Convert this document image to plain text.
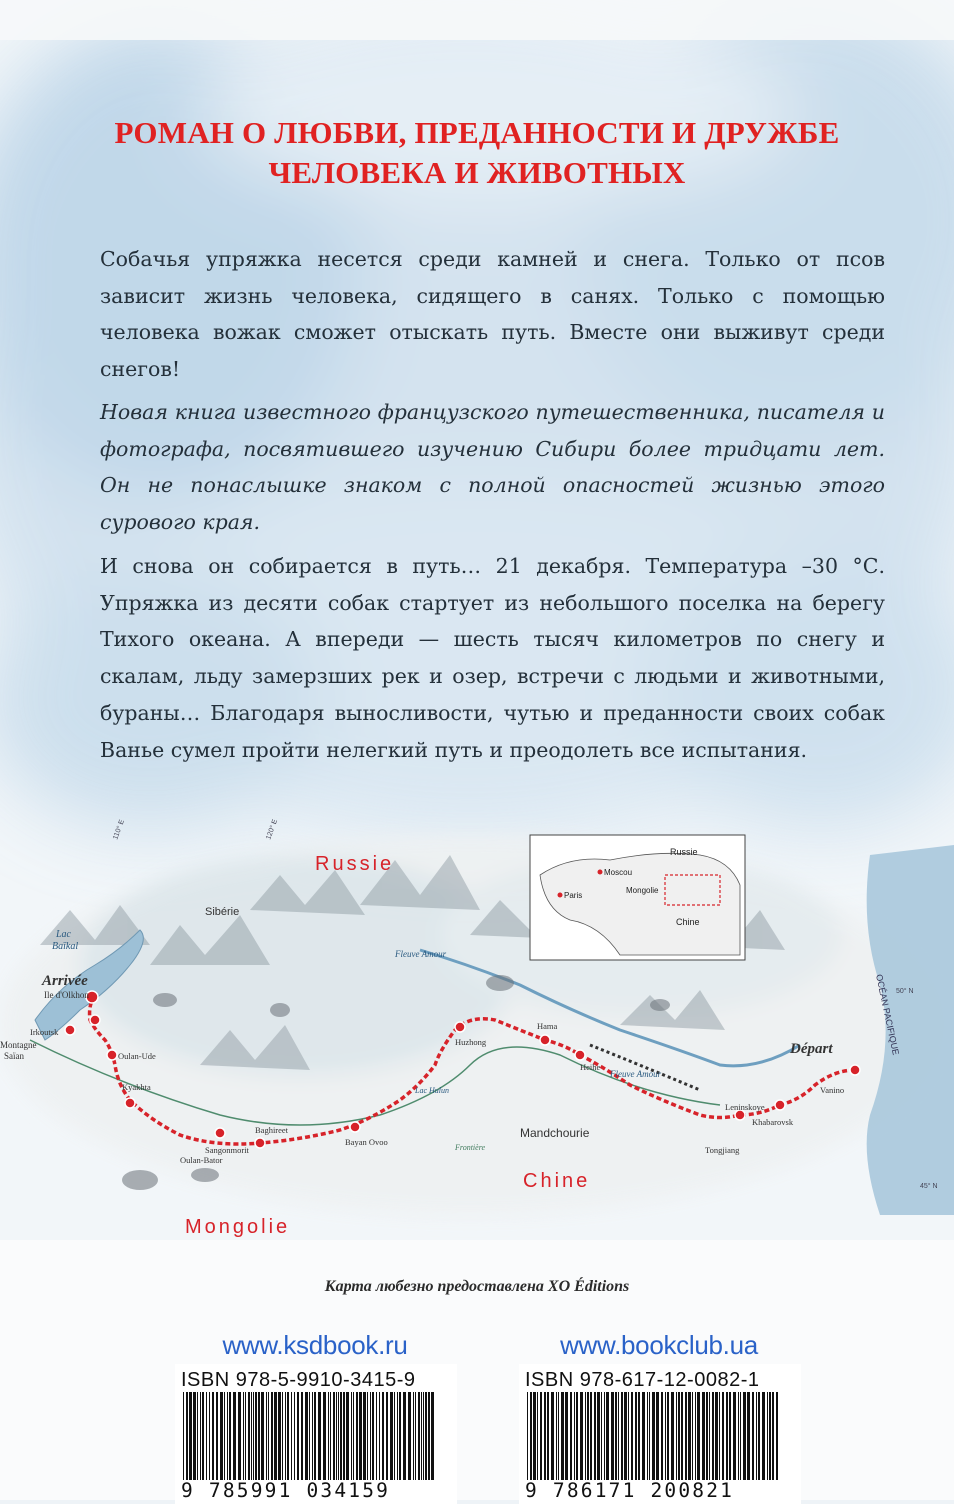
РОМАН О ЛЮБВИ, ПРЕДАННОСТИ И ДРУЖБЕ
ЧЕЛОВЕКА И ЖИВОТНЫХ

Собачья упряжка несется среди камней и снега. Только от псов зависит жизнь человека, сидящего в санях. Только с помощью человека вожак сможет отыскать путь. Вместе они выживут среди снегов!

Новая книга известного французского путешественника, писателя и фотографа, посвятившего изучению Сибири более тридцати лет. Он не понаслышке знаком с полной опасностей жизнью этого сурового края.

И снова он собирается в путь… 21 декабря. Температура –30 °С. Упряжка из десяти собак стартует из небольшого поселка на берегу Тихого океана. А впереди — шесть тысяч километров по снегу и скалам, льду замерзших рек и озер, встречи с людьми и животными, бураны… Благодаря выносливости, чутью и преданности своих собак Ванье сумел пройти нелегкий путь и преодолеть все испытания.

Russie
Moscou
Paris
Mongolie
Chine
Russie
Sibérie
Chine
Mongolie
Mandchourie
Lac
Baïkal
OCÉAN PACIFIQUE
Fleuve Amour
Fleuve Amour
Lac Hulun
Frontière
Montagne
Saïan
50° N
45° N
110° E	120° E
Arrivée
Ile d'Olkhon
Départ
Irkoutsk
Oulan-Ude
Kyakhta
Oulan-Bator
Baghireet
Sangonmorit
Bayan Ovoo
Huzhong
Hama
Heihe
Leninskoye
Khabarovsk
Tongjiang
Vanino
Карта любезно предоставлена XO Éditions
www.ksdbook.ru
ISBN 978-5-9910-3415-9
9 785991 034159
www.bookclub.ua
ISBN 978-617-12-0082-1
9 786171 200821
